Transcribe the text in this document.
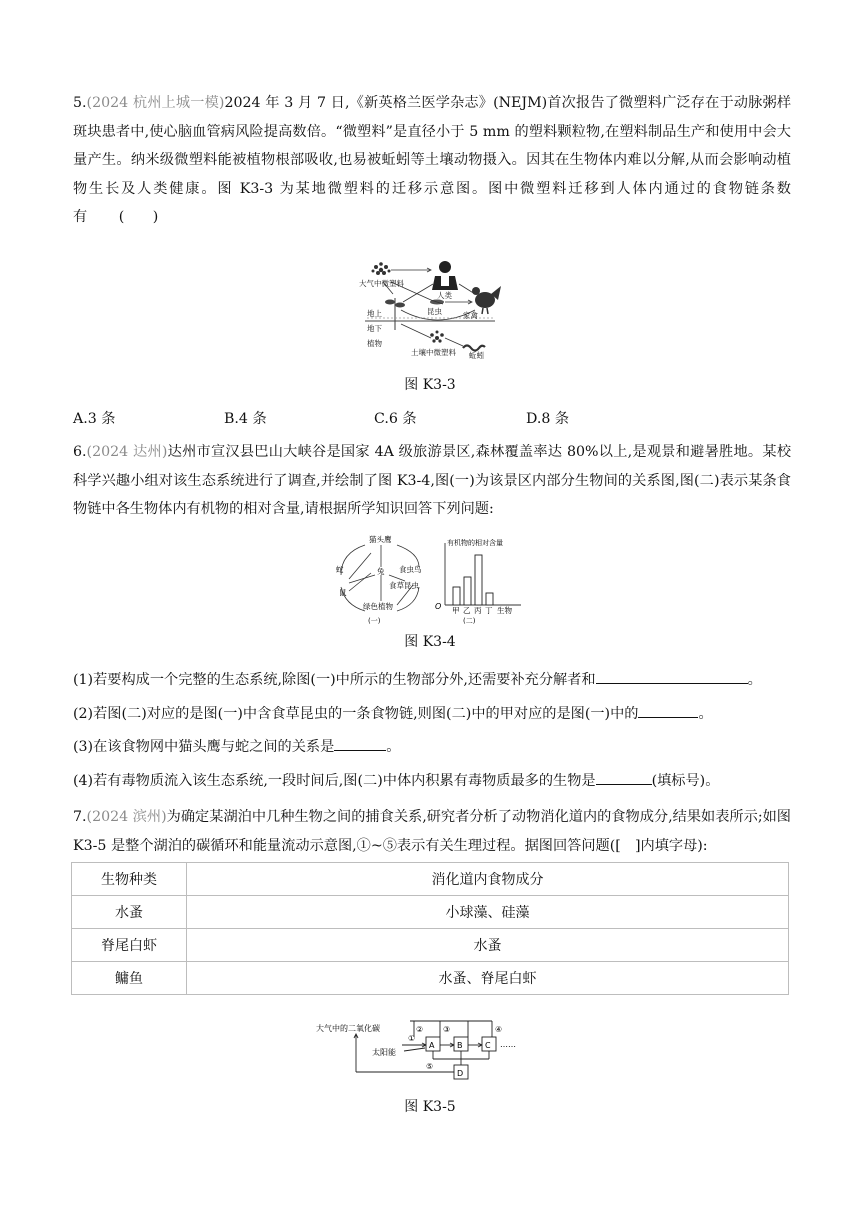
5.(2024 杭州上城一模)2024 年 3 月 7 日,《新英格兰医学杂志》(NEJM)首次报告了微塑料广泛存在于动脉粥样斑块患者中,使心脑血管病风险提高数倍。“微塑料”是直径小于 5 mm 的塑料颗粒物,在塑料制品生产和使用中会大量产生。纳米级微塑料能被植物根部吸收,也易被蚯蚓等土壤动物摄入。因其在生物体内难以分解,从而会影响动植物生长及人类健康。图 K3-3 为某地微塑料的迁移示意图。图中微塑料迁移到人体内通过的食物链条数有 (　　)
大气中微塑料
人类
地上	昆虫	家禽
地下
植物
土壤中微塑料 蚯蚓
图 K3-3
A.3 条	B.4 条	C.6 条	D.8 条
6.(2024 达州)达州市宣汉县巴山大峡谷是国家 4A 级旅游景区,森林覆盖率达 80%以上,是观景和避暑胜地。某校科学兴趣小组对该生态系统进行了调查,并绘制了图 K3-4,图(一)为该景区内部分生物间的关系图,图(二)表示某条食物链中各生物体内有机物的相对含量,请根据所学知识回答下列问题:
猫头鹰
蛇	食虫鸟
兔
鼠
食草昆虫
绿色植物
(一)
有机物的相对含量
O 甲 乙 丙 丁 生物
(二)
图 K3-4
(1)若要构成一个完整的生态系统,除图(一)中所示的生物部分外,还需要补充分解者和	。
(2)若图(二)对应的是图(一)中含食草昆虫的一条食物链,则图(二)中的甲对应的是图(一)中的	。
(3)在该食物网中猫头鹰与蛇之间的关系是	。
(4)若有毒物质流入该生态系统,一段时间后,图(二)中体内积累有毒物质最多的生物是	(填标号)。
7.(2024 滨州)为确定某湖泊中几种生物之间的捕食关系,研究者分析了动物消化道内的食物成分,结果如表所示;如图 K3-5 是整个湖泊的碳循环和能量流动示意图,①~⑤表示有关生理过程。据图回答问题([　]内填字母):
生物种类	消化道内食物成分
水蚤	小球藻、硅藻
脊尾白虾	水蚤
鳙鱼	水蚤、脊尾白虾
大气中的二氧化碳
太阳能
A	B	C
D
①
② ③	④
⑤
……
图 K3-5
